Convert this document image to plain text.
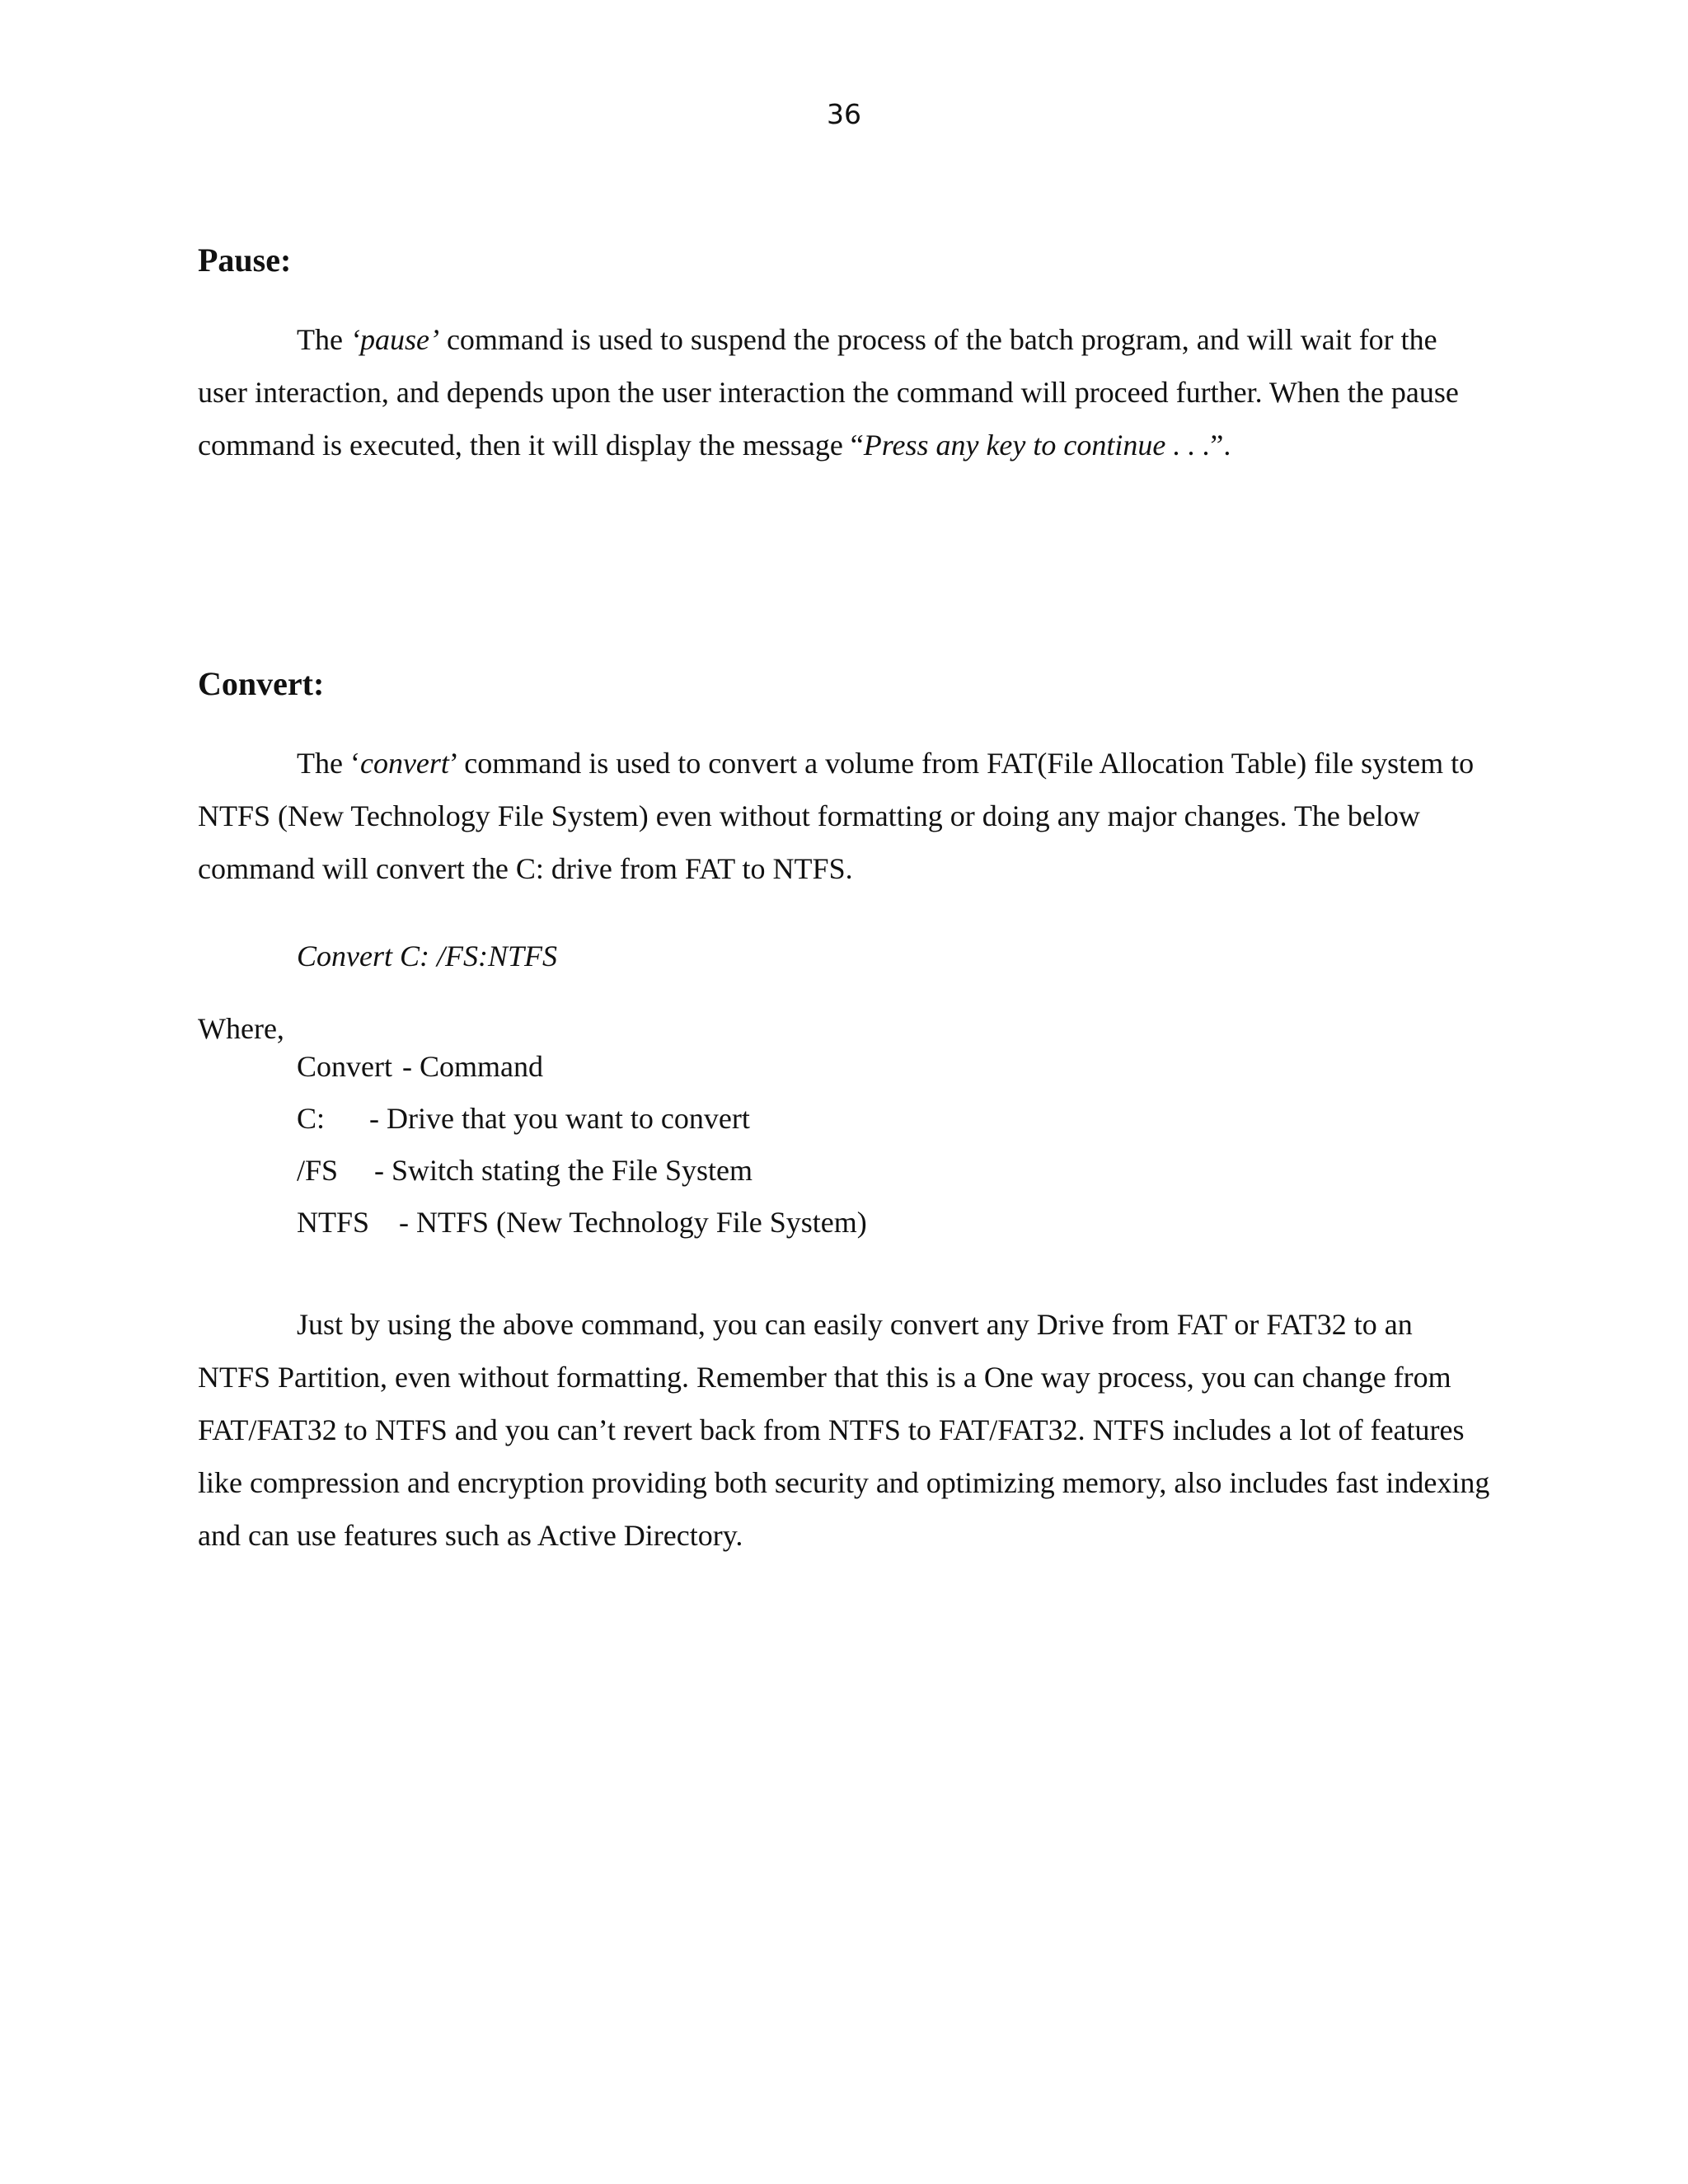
36
Pause:

The ‘pause’ command is used to suspend the process of the batch program, and will wait for the user interaction, and depends upon the user interaction the command will proceed further. When the pause command is executed, then it will display the message “Press any key to continue . . .”.

Convert:

The ‘convert’ command is used to convert a volume from FAT(File Allocation Table) file system to NTFS (New Technology File System) even without formatting or doing any major changes. The below command will convert the C: drive from FAT to NTFS.

Convert C: /FS:NTFS
Where,
Convert - Command
C: - Drive that you want to convert
/FS - Switch stating the File System
NTFS - NTFS (New Technology File System)

Just by using the above command, you can easily convert any Drive from FAT or FAT32 to an NTFS Partition, even without formatting. Remember that this is a One way process, you can change from FAT/FAT32 to NTFS and you can’t revert back from NTFS to FAT/FAT32. NTFS includes a lot of features like compression and encryption providing both security and optimizing memory, also includes fast indexing and can use features such as Active Directory.
